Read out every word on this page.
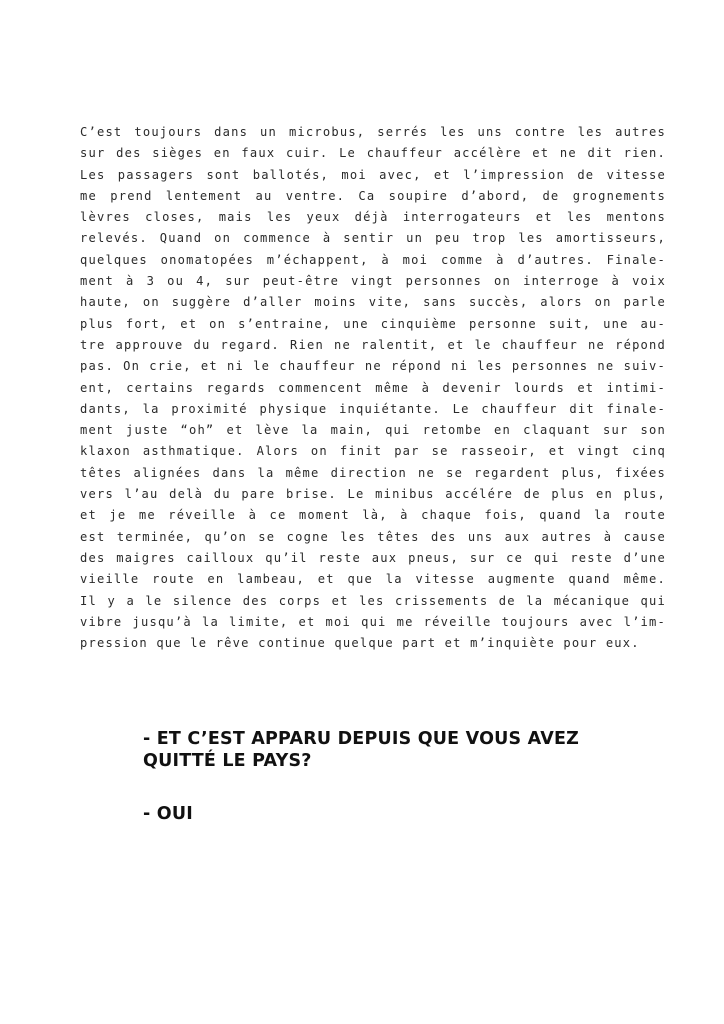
C’est toujours dans un microbus, serrés les uns contre les autres
sur des sièges en faux cuir. Le chauffeur accélère et ne dit rien.
Les passagers sont ballotés, moi avec, et l’impression de vitesse
me prend lentement au ventre. Ca soupire d’abord, de grognements
lèvres closes, mais les yeux déjà interrogateurs et les mentons
relevés. Quand on commence à sentir un peu trop les amortisseurs,
quelques onomatopées m’échappent, à moi comme à d’autres. Finale-
ment à 3 ou 4, sur peut-être vingt personnes on interroge à voix
haute, on suggère d’aller moins vite, sans succès, alors on parle
plus fort, et on s’entraine, une cinquième personne suit, une au-
tre approuve du regard. Rien ne ralentit, et le chauffeur ne répond
pas. On crie, et ni le chauffeur ne répond ni les personnes ne suiv-
ent, certains regards commencent même à devenir lourds et intimi-
dants, la proximité physique inquiétante. Le chauffeur dit finale-
ment juste “oh” et lève la main, qui retombe en claquant sur son
klaxon asthmatique. Alors on finit par se rasseoir, et vingt cinq
têtes alignées dans la même direction ne se regardent plus, fixées
vers l’au delà du pare brise. Le minibus accélére de plus en plus,
et je me réveille à ce moment là, à chaque fois, quand la route
est terminée, qu’on se cogne les têtes des uns aux autres à cause
des maigres cailloux qu’il reste aux pneus, sur ce qui reste d’une
vieille route en lambeau, et que la vitesse augmente quand même.
Il y a le silence des corps et les crissements de la mécanique qui
vibre jusqu’à la limite, et moi qui me réveille toujours avec l’im-
pression que le rêve continue quelque part et m’inquiète pour eux.

- ET C’EST APPARU DEPUIS QUE VOUS AVEZ
QUITTÉ LE PAYS?

- OUI
